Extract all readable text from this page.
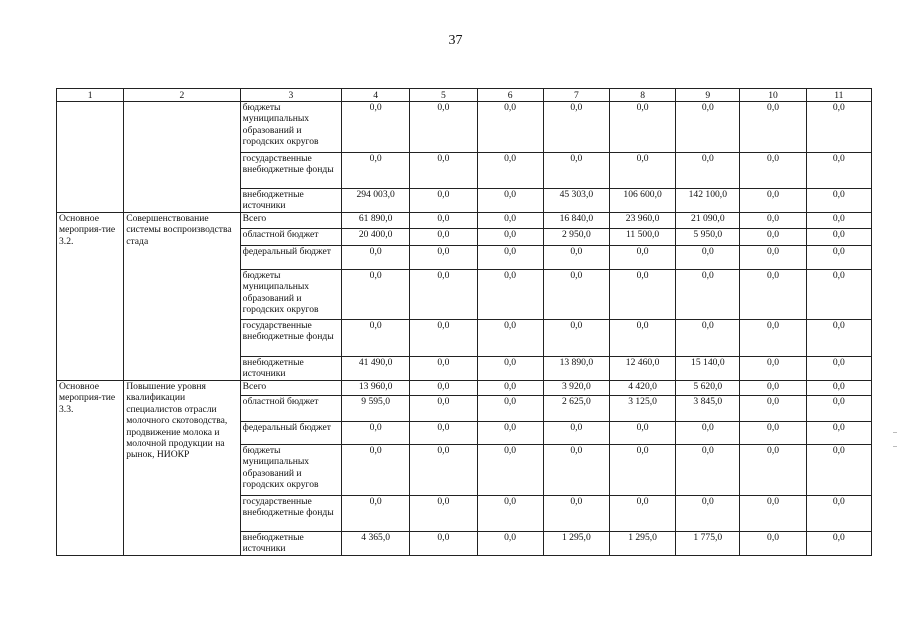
37
1	2	3	4	5	6	7	8	9	10	11
		бюджеты муниципальных образований и городских округов	0,0	0,0	0,0	0,0	0,0	0,0	0,0	0,0
		государственные внебюджетные фонды	0,0	0,0	0,0	0,0	0,0	0,0	0,0	0,0
		внебюджетные источники	294 003,0	0,0	0,0	45 303,0	106 600,0	142 100,0	0,0	0,0
Основное мероприя-тие 3.2.	Совершенствование системы воспроизводства стада	Всего	61 890,0	0,0	0,0	16 840,0	23 960,0	21 090,0	0,0	0,0
		областной бюджет	20 400,0	0,0	0,0	2 950,0	11 500,0	5 950,0	0,0	0,0
		федеральный бюджет	0,0	0,0	0,0	0,0	0,0	0,0	0,0	0,0
		бюджеты муниципальных образований и городских округов	0,0	0,0	0,0	0,0	0,0	0,0	0,0	0,0
		государственные внебюджетные фонды	0,0	0,0	0,0	0,0	0,0	0,0	0,0	0,0
		внебюджетные источники	41 490,0	0,0	0,0	13 890,0	12 460,0	15 140,0	0,0	0,0
Основное мероприя-тие 3.3.	Повышение уровня квалификации специалистов отрасли молочного скотоводства, продвижение молока и молочной продукции на рынок, НИОКР	Всего	13 960,0	0,0	0,0	3 920,0	4 420,0	5 620,0	0,0	0,0
		областной бюджет	9 595,0	0,0	0,0	2 625,0	3 125,0	3 845,0	0,0	0,0
		федеральный бюджет	0,0	0,0	0,0	0,0	0,0	0,0	0,0	0,0
		бюджеты муниципальных образований и городских округов	0,0	0,0	0,0	0,0	0,0	0,0	0,0	0,0
		государственные внебюджетные фонды	0,0	0,0	0,0	0,0	0,0	0,0	0,0	0,0
		внебюджетные источники	4 365,0	0,0	0,0	1 295,0	1 295,0	1 775,0	0,0	0,0
